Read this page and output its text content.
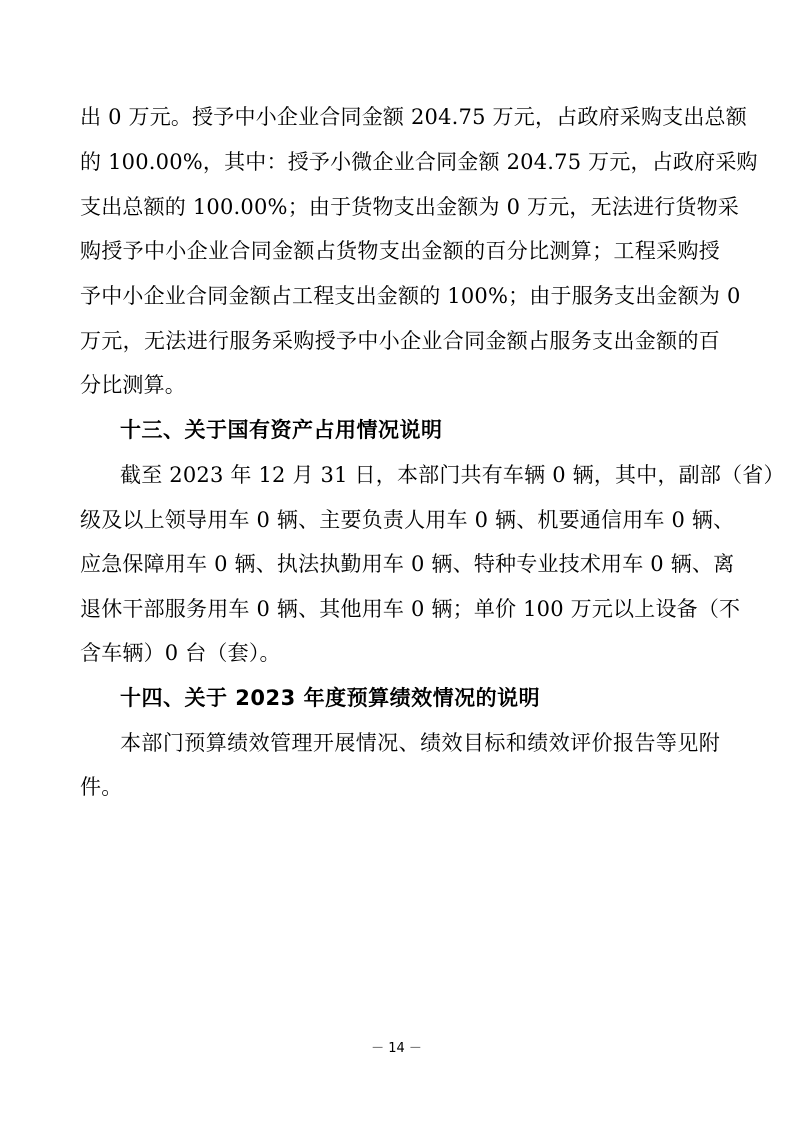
出 0 万元。授予中小企业合同金额 204.75 万元，占政府采购支出总额
的 100.00%，其中：授予小微企业合同金额 204.75 万元，占政府采购
支出总额的 100.00%；由于货物支出金额为 0 万元，无法进行货物采
购授予中小企业合同金额占货物支出金额的百分比测算；工程采购授
予中小企业合同金额占工程支出金额的 100%；由于服务支出金额为 0
万元，无法进行服务采购授予中小企业合同金额占服务支出金额的百
分比测算。
十三、关于国有资产占用情况说明
截至 2023 年 12 月 31 日，本部门共有车辆 0 辆，其中，副部（省）
级及以上领导用车 0 辆、主要负责人用车 0 辆、机要通信用车 0 辆、
应急保障用车 0 辆、执法执勤用车 0 辆、特种专业技术用车 0 辆、离
退休干部服务用车 0 辆、其他用车 0 辆；单价 100 万元以上设备（不
含车辆）0 台（套）。
十四、关于 2023 年度预算绩效情况的说明
本部门预算绩效管理开展情况、绩效目标和绩效评价报告等见附
件。
－ 14 －
